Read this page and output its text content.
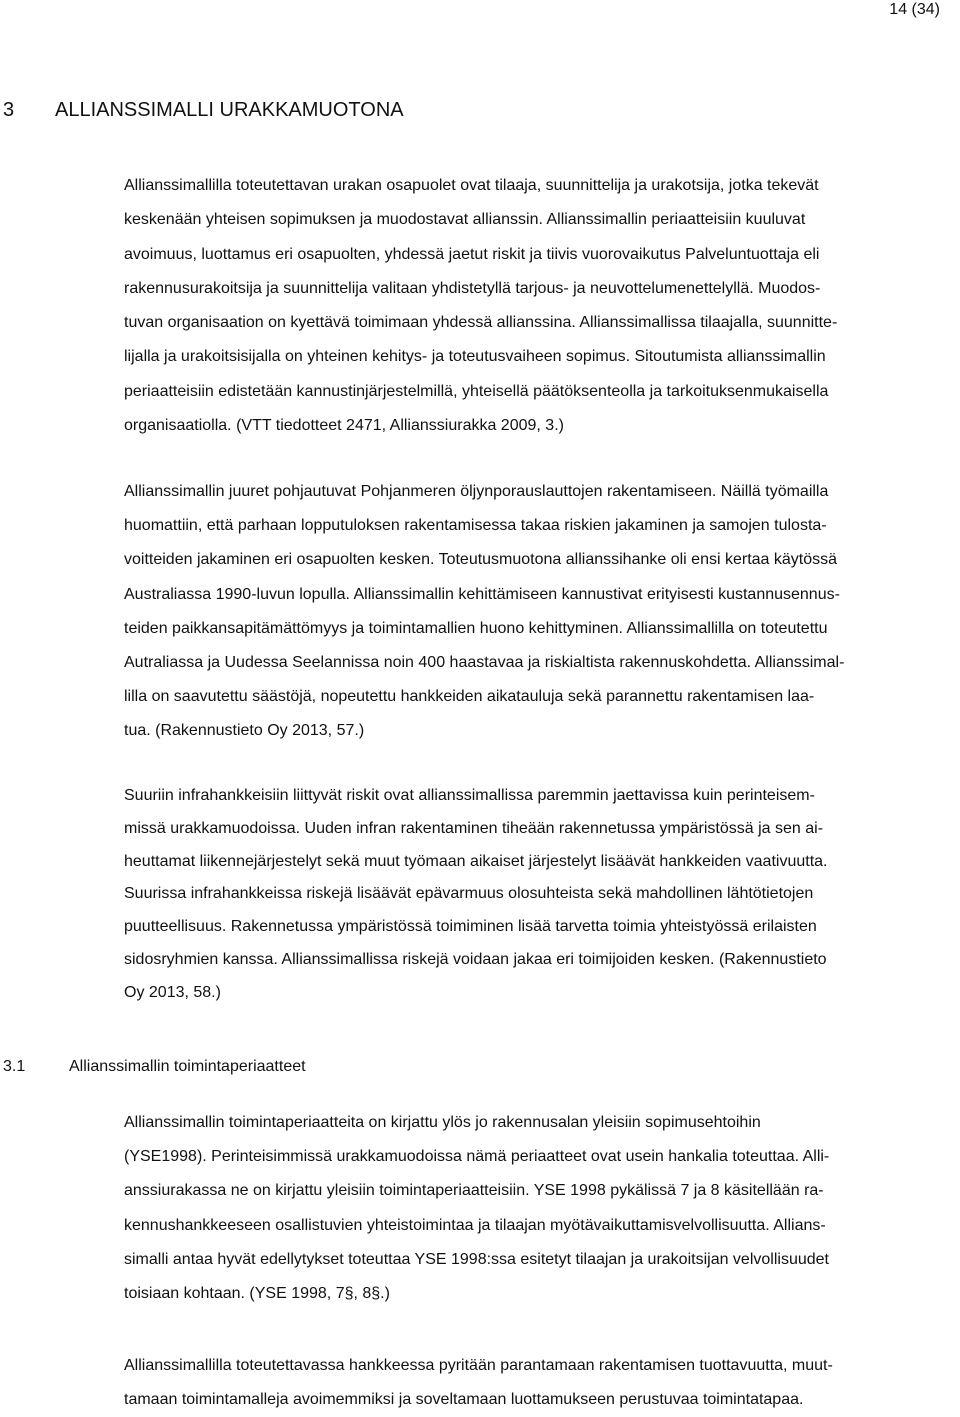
14 (34)
3	ALLIANSSIMALLI URAKKAMUOTONA
Allianssimallilla toteutettavan urakan osapuolet ovat tilaaja, suunnittelija ja urakotsija, jotka tekevät
keskenään yhteisen sopimuksen ja muodostavat allianssin. Allianssimallin periaatteisiin kuuluvat
avoimuus, luottamus eri osapuolten, yhdessä jaetut riskit ja tiivis vuorovaikutus Palveluntuottaja eli
rakennusurakoitsija ja suunnittelija valitaan yhdistetyllä tarjous- ja neuvottelumenettelyllä. Muodos-
tuvan organisaation on kyettävä toimimaan yhdessä allianssina. Allianssimallissa tilaajalla, suunnitte-
lijalla ja urakoitsisijalla on yhteinen kehitys- ja toteutusvaiheen sopimus. Sitoutumista allianssimallin
periaatteisiin edistetään kannustinjärjestelmillä, yhteisellä päätöksenteolla ja tarkoituksenmukaisella
organisaatiolla. (VTT tiedotteet 2471, Allianssiurakka 2009, 3.)
Allianssimallin juuret pohjautuvat Pohjanmeren öljynporauslauttojen rakentamiseen. Näillä työmailla
huomattiin, että parhaan lopputuloksen rakentamisessa takaa riskien jakaminen ja samojen tulosta-
voitteiden jakaminen eri osapuolten kesken. Toteutusmuotona allianssihanke oli ensi kertaa käytössä
Australiassa 1990-luvun lopulla. Allianssimallin kehittämiseen kannustivat erityisesti kustannusennus-
teiden paikkansapitämättömyys ja toimintamallien huono kehittyminen. Allianssimallilla on toteutettu
Autraliassa ja Uudessa Seelannissa noin 400 haastavaa ja riskialtista rakennuskohdetta. Allianssimal-
lilla on saavutettu säästöjä, nopeutettu hankkeiden aikatauluja sekä parannettu rakentamisen laa-
tua. (Rakennustieto Oy 2013, 57.)
Suuriin infrahankkeisiin liittyvät riskit ovat allianssimallissa paremmin jaettavissa kuin perinteisem-
missä urakkamuodoissa. Uuden infran rakentaminen tiheään rakennetussa ympäristössä ja sen ai-
heuttamat liikennejärjestelyt sekä muut työmaan aikaiset järjestelyt lisäävät hankkeiden vaativuutta.
Suurissa infrahankkeissa riskejä lisäävät epävarmuus olosuhteista sekä mahdollinen lähtötietojen
puutteellisuus. Rakennetussa ympäristössä toimiminen lisää tarvetta toimia yhteistyössä erilaisten
sidosryhmien kanssa. Allianssimallissa riskejä voidaan jakaa eri toimijoiden kesken. (Rakennustieto
Oy 2013, 58.)
3.1	Allianssimallin toimintaperiaatteet
Allianssimallin toimintaperiaatteita on kirjattu ylös jo rakennusalan yleisiin sopimusehtoihin
(YSE1998). Perinteisimmissä urakkamuodoissa nämä periaatteet ovat usein hankalia toteuttaa. Alli-
anssiurakassa ne on kirjattu yleisiin toimintaperiaatteisiin. YSE 1998 pykälissä 7 ja 8 käsitellään ra-
kennushankkeeseen osallistuvien yhteistoimintaa ja tilaajan myötävaikuttamisvelvollisuutta. Allians-
simalli antaa hyvät edellytykset toteuttaa YSE 1998:ssa esitetyt tilaajan ja urakoitsijan velvollisuudet
toisiaan kohtaan. (YSE 1998, 7§, 8§.)
Allianssimallilla toteutettavassa hankkeessa pyritään parantamaan rakentamisen tuottavuutta, muut-
tamaan toimintamalleja avoimemmiksi ja soveltamaan luottamukseen perustuvaa toimintatapaa.
